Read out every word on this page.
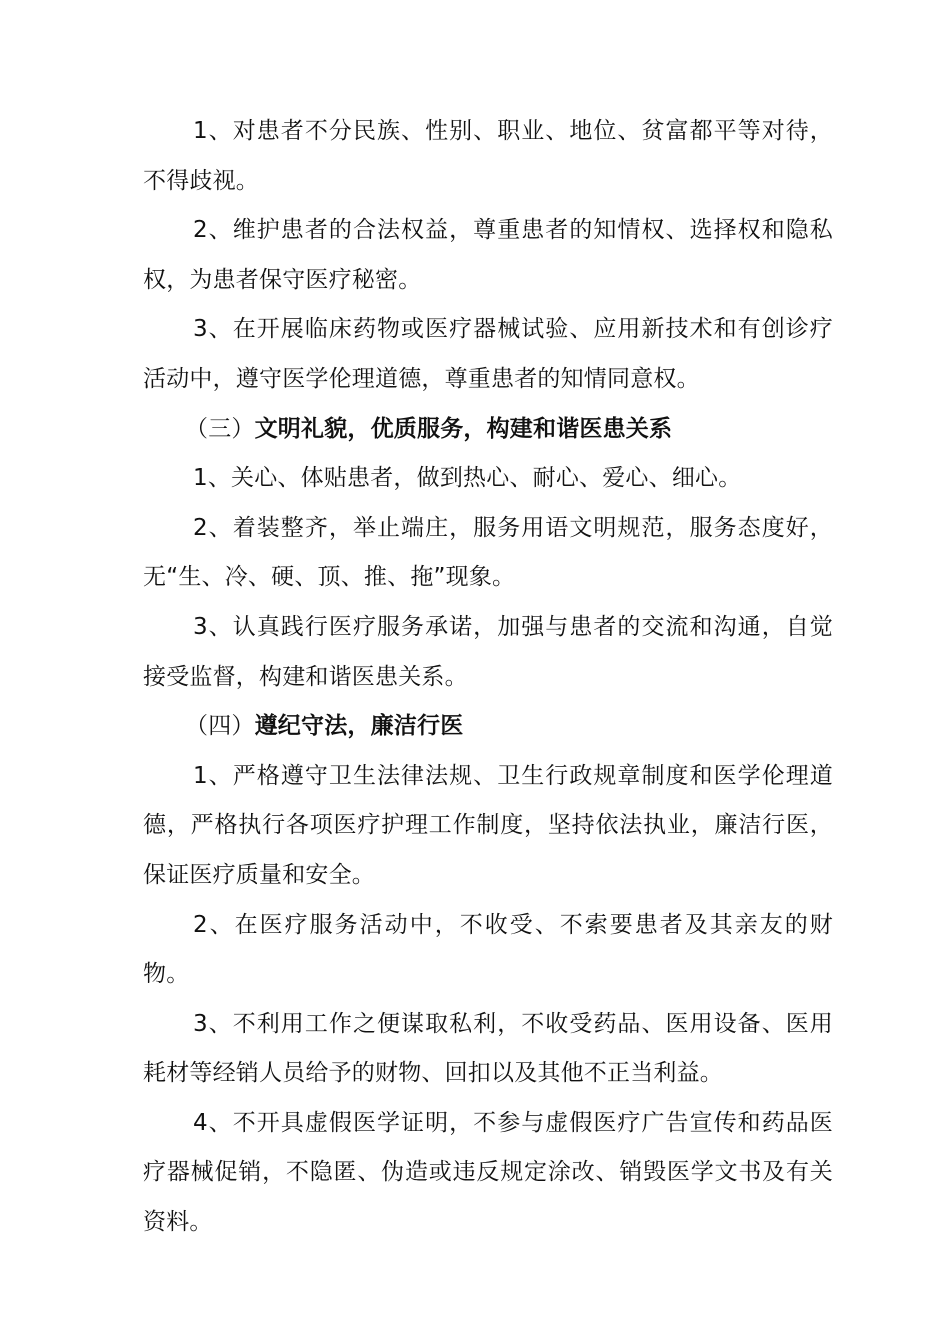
1、对患者不分民族、性别、职业、地位、贫富都平等对待，不得歧视。

2、维护患者的合法权益，尊重患者的知情权、选择权和隐私权，为患者保守医疗秘密。

3、在开展临床药物或医疗器械试验、应用新技术和有创诊疗活动中，遵守医学伦理道德，尊重患者的知情同意权。

（三）文明礼貌，优质服务，构建和谐医患关系

1、关心、体贴患者，做到热心、耐心、爱心、细心。

2、着装整齐，举止端庄，服务用语文明规范，服务态度好，无“生、冷、硬、顶、推、拖”现象。

3、认真践行医疗服务承诺，加强与患者的交流和沟通，自觉接受监督，构建和谐医患关系。

（四）遵纪守法，廉洁行医

1、严格遵守卫生法律法规、卫生行政规章制度和医学伦理道德，严格执行各项医疗护理工作制度，坚持依法执业，廉洁行医，保证医疗质量和安全。

2、在医疗服务活动中，不收受、不索要患者及其亲友的财物。

3、不利用工作之便谋取私利，不收受药品、医用设备、医用耗材等经销人员给予的财物、回扣以及其他不正当利益。

4、不开具虚假医学证明，不参与虚假医疗广告宣传和药品医疗器械促销，不隐匿、伪造或违反规定涂改、销毁医学文书及有关资料。
